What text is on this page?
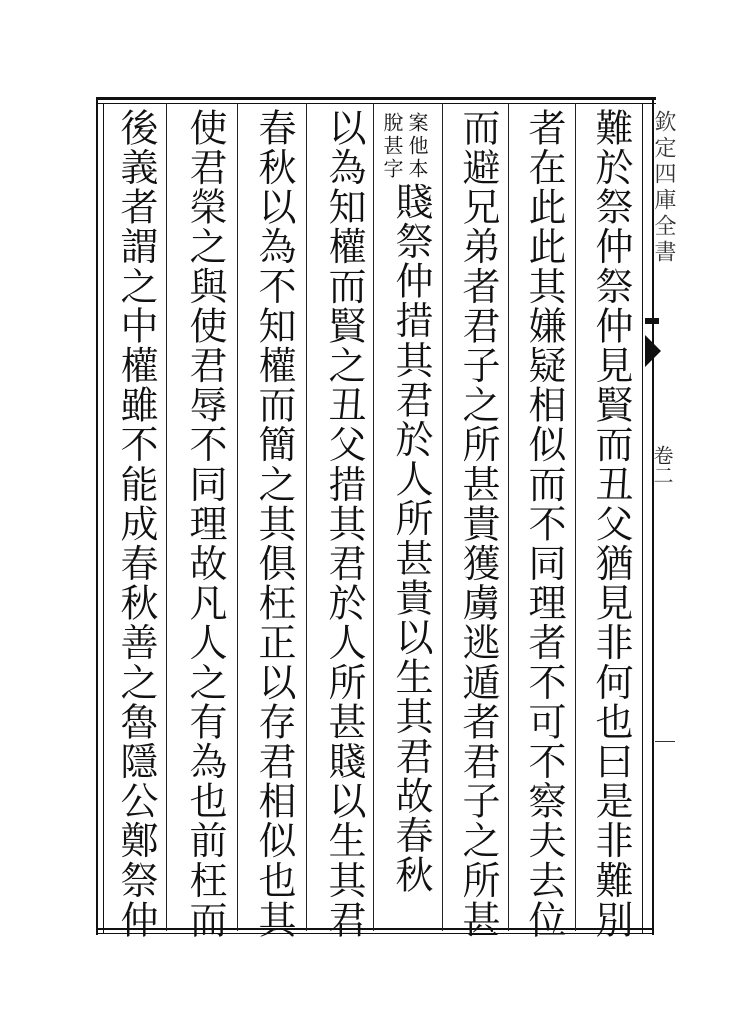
難於祭仲祭仲見賢而丑父猶見非何也曰是非難別
者在此此其嫌疑相似而不同理者不可不察夫去位
而避兄弟者君子之所甚貴獲虜逃遁者君子之所甚
案他本
脫甚字
賤祭仲措其君於人所甚貴以生其君故春秋
以為知權而賢之丑父措其君於人所甚賤以生其君
春秋以為不知權而簡之其俱枉正以存君相似也其
使君榮之與使君辱不同理故凡人之有為也前枉而
後義者謂之中權雖不能成春秋善之魯隱公鄭祭仲	欽定四庫全書
卷二
